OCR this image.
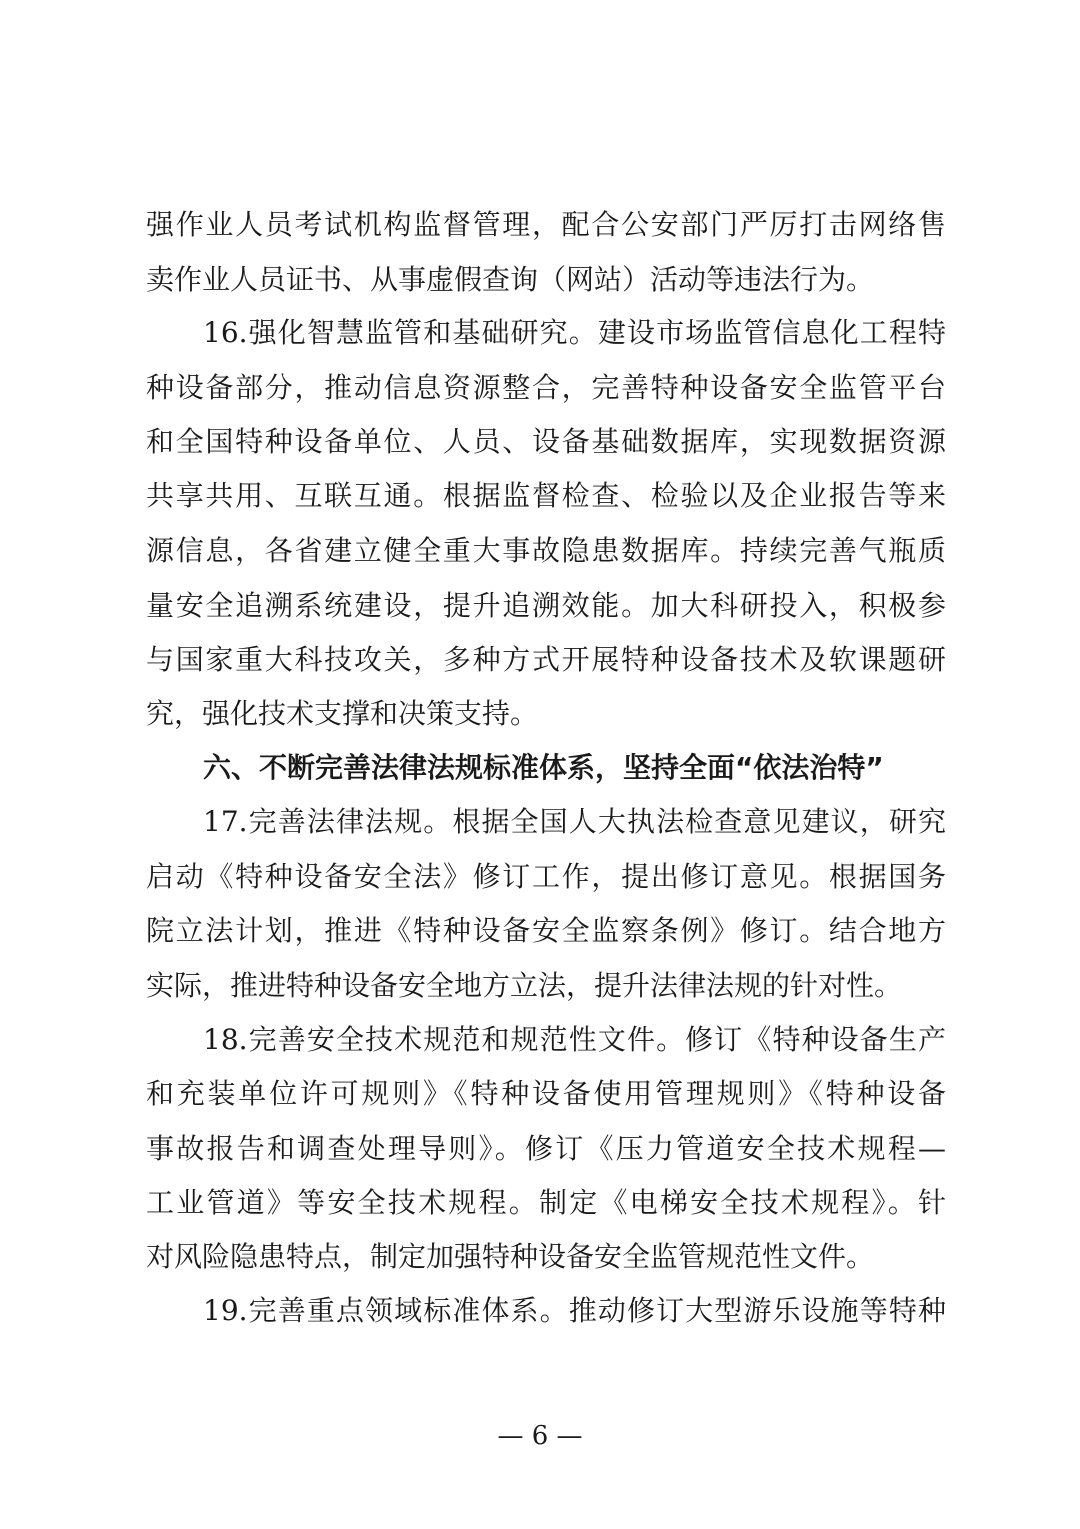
强作业人员考试机构监督管理，配合公安部门严厉打击网络售
卖作业人员证书、从事虚假查询（网站）活动等违法行为。
16.强化智慧监管和基础研究。建设市场监管信息化工程特
种设备部分，推动信息资源整合，完善特种设备安全监管平台
和全国特种设备单位、人员、设备基础数据库，实现数据资源
共享共用、互联互通。根据监督检查、检验以及企业报告等来
源信息，各省建立健全重大事故隐患数据库。持续完善气瓶质
量安全追溯系统建设，提升追溯效能。加大科研投入，积极参
与国家重大科技攻关，多种方式开展特种设备技术及软课题研
究，强化技术支撑和决策支持。
六、不断完善法律法规标准体系，坚持全面“依法治特”
17.完善法律法规。根据全国人大执法检查意见建议，研究
启动《特种设备安全法》修订工作，提出修订意见。根据国务
院立法计划，推进《特种设备安全监察条例》修订。结合地方
实际，推进特种设备安全地方立法，提升法律法规的针对性。
18.完善安全技术规范和规范性文件。修订《特种设备生产
和充装单位许可规则》《特种设备使用管理规则》《特种设备
事故报告和调查处理导则》。修订《压力管道安全技术规程—
工业管道》等安全技术规程。制定《电梯安全技术规程》。针
对风险隐患特点，制定加强特种设备安全监管规范性文件。
19.完善重点领域标准体系。推动修订大型游乐设施等特种
— 6 —
